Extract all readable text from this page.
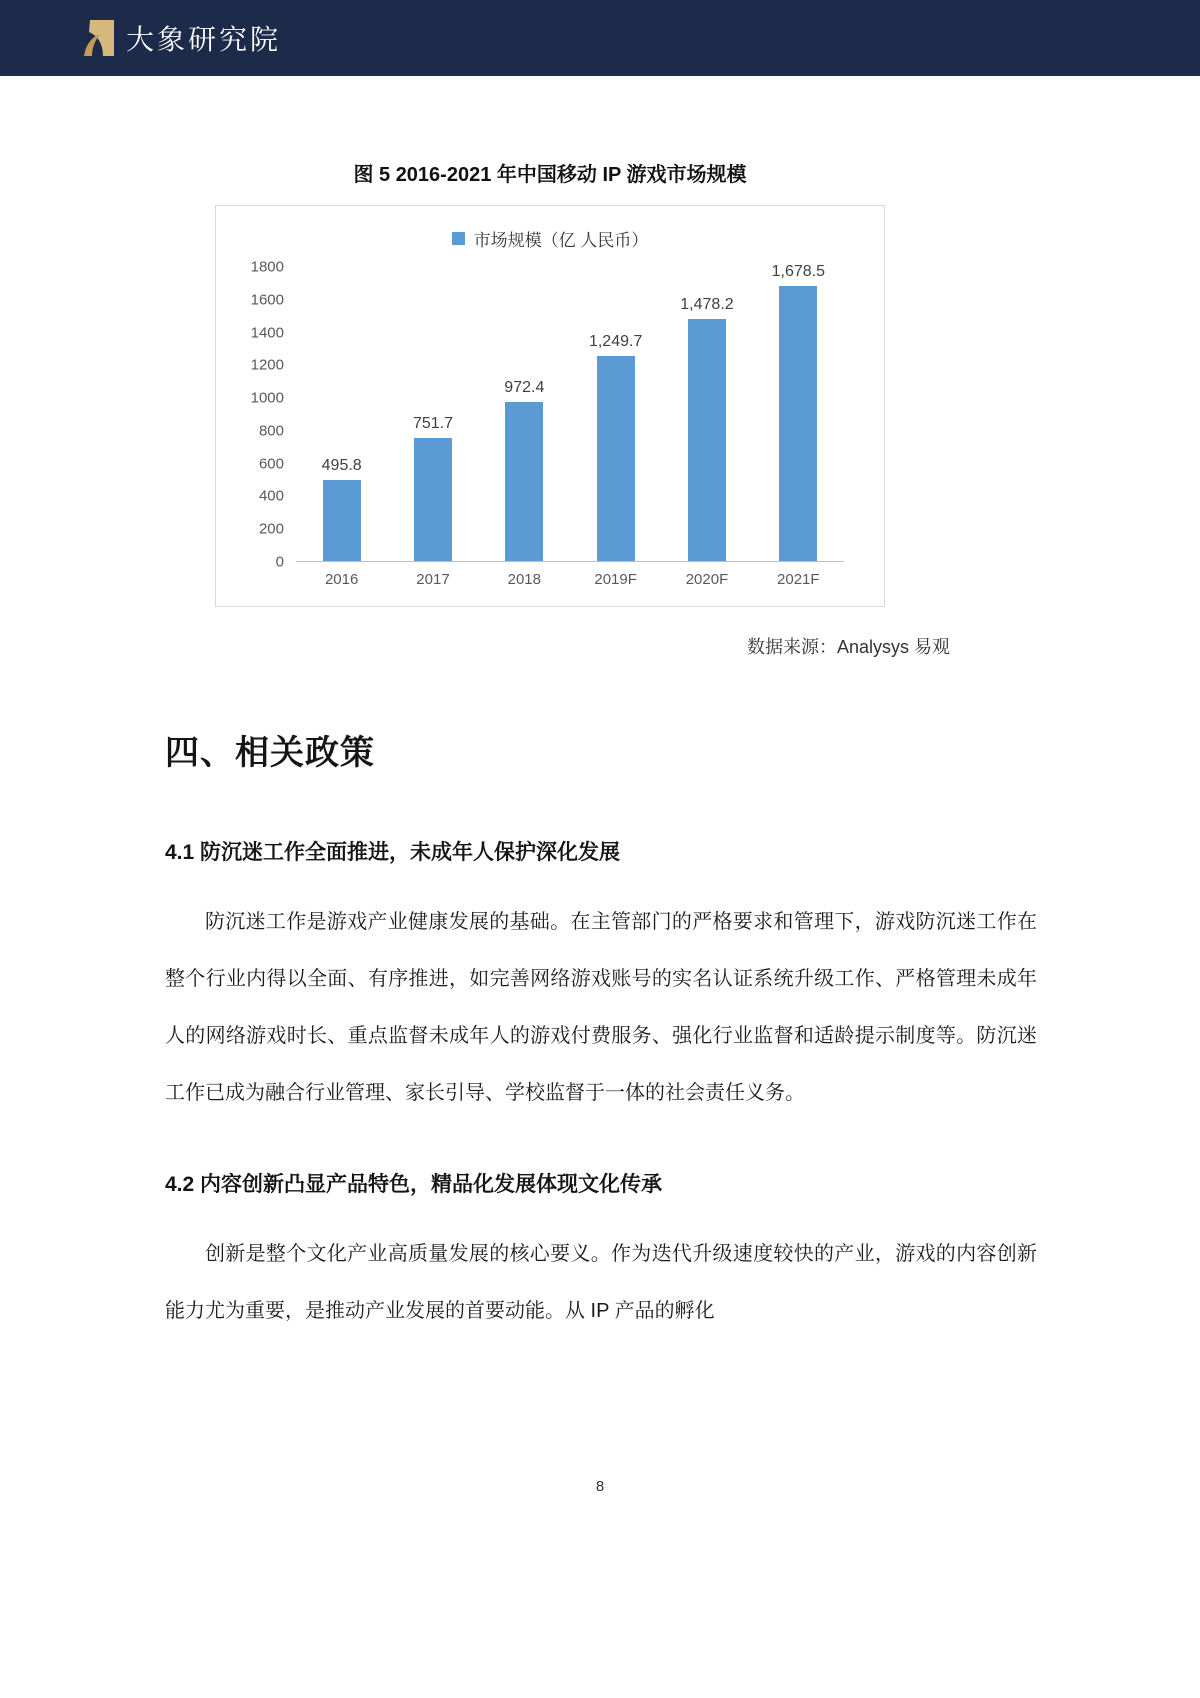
大象研究院
图 5 2016-2021 年中国移动 IP 游戏市场规模
市场规模（亿 人民币）
0
200
400
600
800
1000
1200
1400
1600
1800
495.8
751.7
972.4
1,249.7
1,478.2
1,678.5
2016	2017	2018	2019F	2020F	2021F
数据来源：Analysys 易观
四、相关政策
4.1 防沉迷工作全面推进，未成年人保护深化发展

防沉迷工作是游戏产业健康发展的基础。在主管部门的严格要求和管理下，游戏防沉迷工作在整个行业内得以全面、有序推进，如完善网络游戏账号的实名认证系统升级工作、严格管理未成年人的网络游戏时长、重点监督未成年人的游戏付费服务、强化行业监督和适龄提示制度等。防沉迷工作已成为融合行业管理、家长引导、学校监督于一体的社会责任义务。

4.2 内容创新凸显产品特色，精品化发展体现文化传承

创新是整个文化产业高质量发展的核心要义。作为迭代升级速度较快的产业，游戏的内容创新能力尤为重要，是推动产业发展的首要动能。从 IP 产品的孵化

8
